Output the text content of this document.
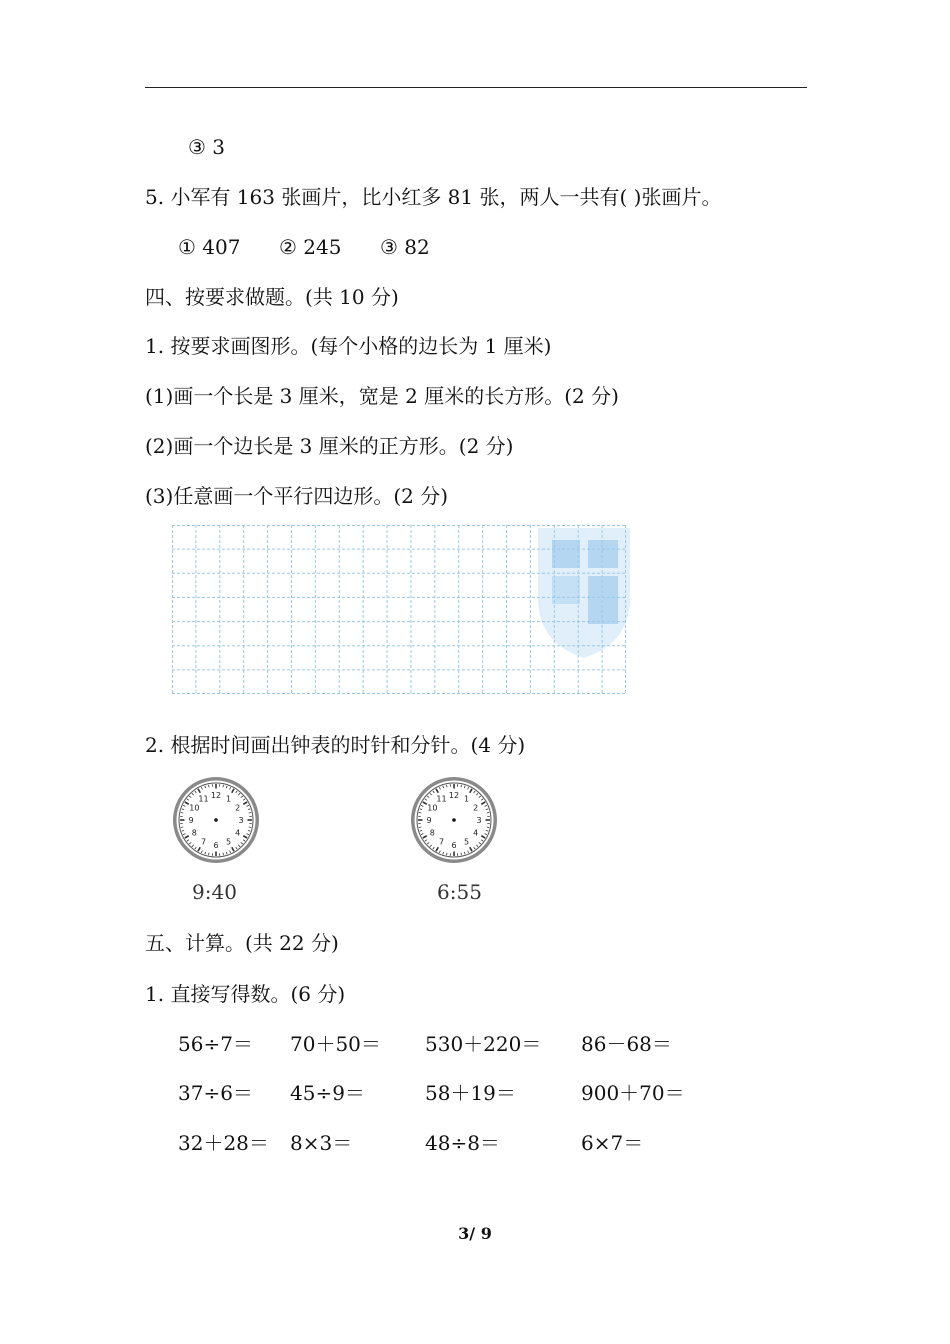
③ 3
5. 小军有 163 张画片，比小红多 81 张，两人一共有( )张画片。
① 407 ② 245 ③ 82
四、按要求做题。(共 10 分)
1. 按要求画图形。(每个小格的边长为 1 厘米)
(1)画一个长是 3 厘米，宽是 2 厘米的长方形。(2 分)
(2)画一个边长是 3 厘米的正方形。(2 分)
(3)任意画一个平行四边形。(2 分)
2. 根据时间画出钟表的时针和分针。(4 分)
12 1
2
3
4
5
6
7
8
9
10
11
9:40
12 1
2
3
4
5
6
7
8
9
10
11
6:55
五、计算。(共 22 分)
1. 直接写得数。(6 分)
56÷7＝ 70＋50＝ 530＋220＝ 86－68＝
37÷6＝ 45÷9＝	58＋19＝	900＋70＝
32＋28＝ 8×3＝	48÷8＝	6×7＝
3/ 9
